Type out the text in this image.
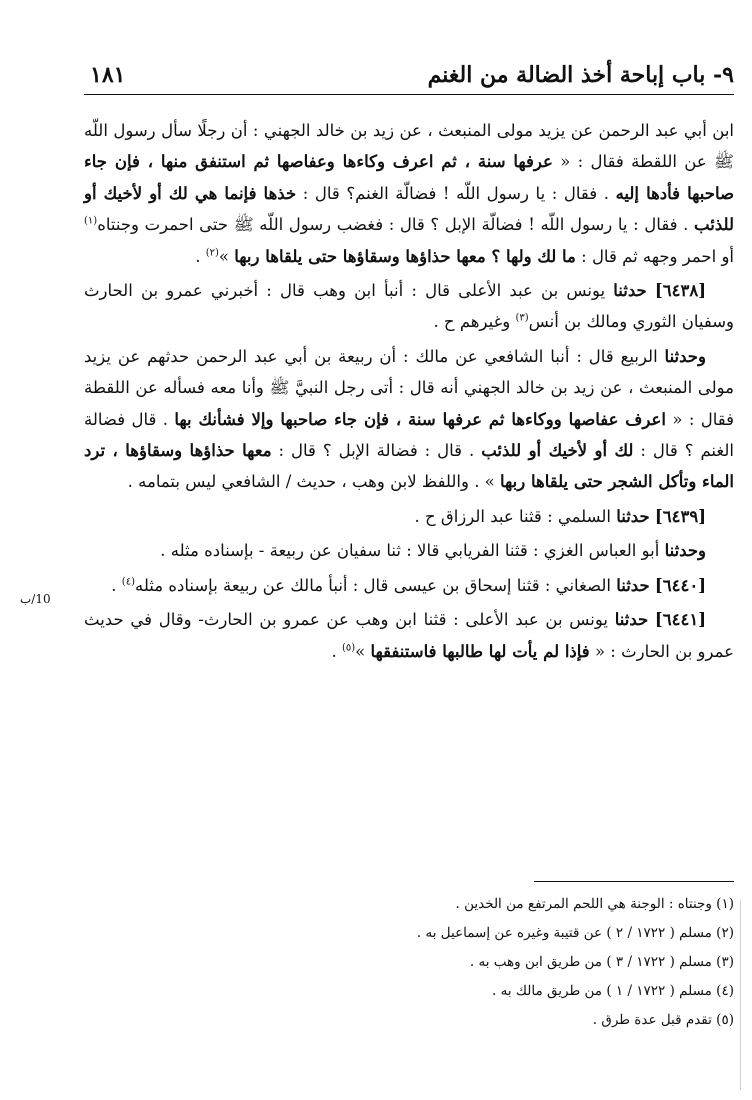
٩- باب إباحة أخذ الضالة من الغنم
١٨١
10/ب

ابن أبي عبد الرحمن عن يزيد مولى المنبعث ، عن زيد بن خالد الجهني : أن رجلًا سأل رسول اللّه ﷺ عن اللقطة فقال : « عرفها سنة ، ثم اعرف وكاءها وعفاصها ثم استنفق منها ، فإن جاء صاحبها فأدها إليه . فقال : يا رسول اللّه ! فضالّة الغنم؟ قال : خذها فإنما هي لك أو لأخيك أو للذئب . فقال : يا رسول اللّه ! فضالّة الإبل ؟ قال : فغضب رسول اللّه ﷺ حتى احمرت وجنتاه$^{(١)}$ أو احمر وجهه ثم قال : ما لك ولها ؟ معها حذاؤها وسقاؤها حتى يلقاها ربها »$^{(٢)}$ .

[٦٤٣٨] حدثنا يونس بن عبد الأعلى قال : أنبأ ابن وهب قال : أخبرني عمرو بن الحارث وسفيان الثوري ومالك بن أنس$^{(٣)}$ وغيرهم ح .

وحدثنا الربيع قال : أنبا الشافعي عن مالك : أن ربيعة بن أبي عبد الرحمن حدثهم عن يزيد مولى المنبعث ، عن زيد بن خالد الجهني أنه قال : أتى رجل النبيَّ ﷺ وأنا معه فسأله عن اللقطة فقال : « اعرف عفاصها ووكاءها ثم عرفها سنة ، فإن جاء صاحبها وإلا فشأنك بها . قال فضالة الغنم ؟ قال : لك أو لأخيك أو للذئب . قال : فضالة الإبل ؟ قال : معها حذاؤها وسقاؤها ، ترد الماء وتأكل الشجر حتى يلقاها ربها » . واللفظ لابن وهب ، حديث / الشافعي ليس بتمامه .

[٦٤٣٩] حدثنا السلمي : قثنا عبد الرزاق ح .

وحدثنا أبو العباس الغزي : قثنا الفريابي قالا : ثنا سفيان عن ربيعة - بإسناده مثله .

[٦٤٤٠] حدثنا الصغاني : قثنا إسحاق بن عيسى قال : أنبأ مالك عن ربيعة بإسناده مثله$^{(٤)}$ .

[٦٤٤١] حدثنا يونس بن عبد الأعلى : قثنا ابن وهب عن عمرو بن الحارث- وقال في حديث عمرو بن الحارث : « فإذا لم يأت لها طالبها فاستنفقها »$^{(٥)}$ .

(١) وجنتاه : الوجنة هي اللحم المرتفع من الخدين .
(٢) مسلم ( ١٧٢٢ / ٢ ) عن قتيبة وغيره عن إسماعيل به .
(٣) مسلم ( ١٧٢٢ / ٣ ) من طريق ابن وهب به .
(٤) مسلم ( ١٧٢٢ / ١ ) من طريق مالك به .
(٥) تقدم قبل عدة طرق .
